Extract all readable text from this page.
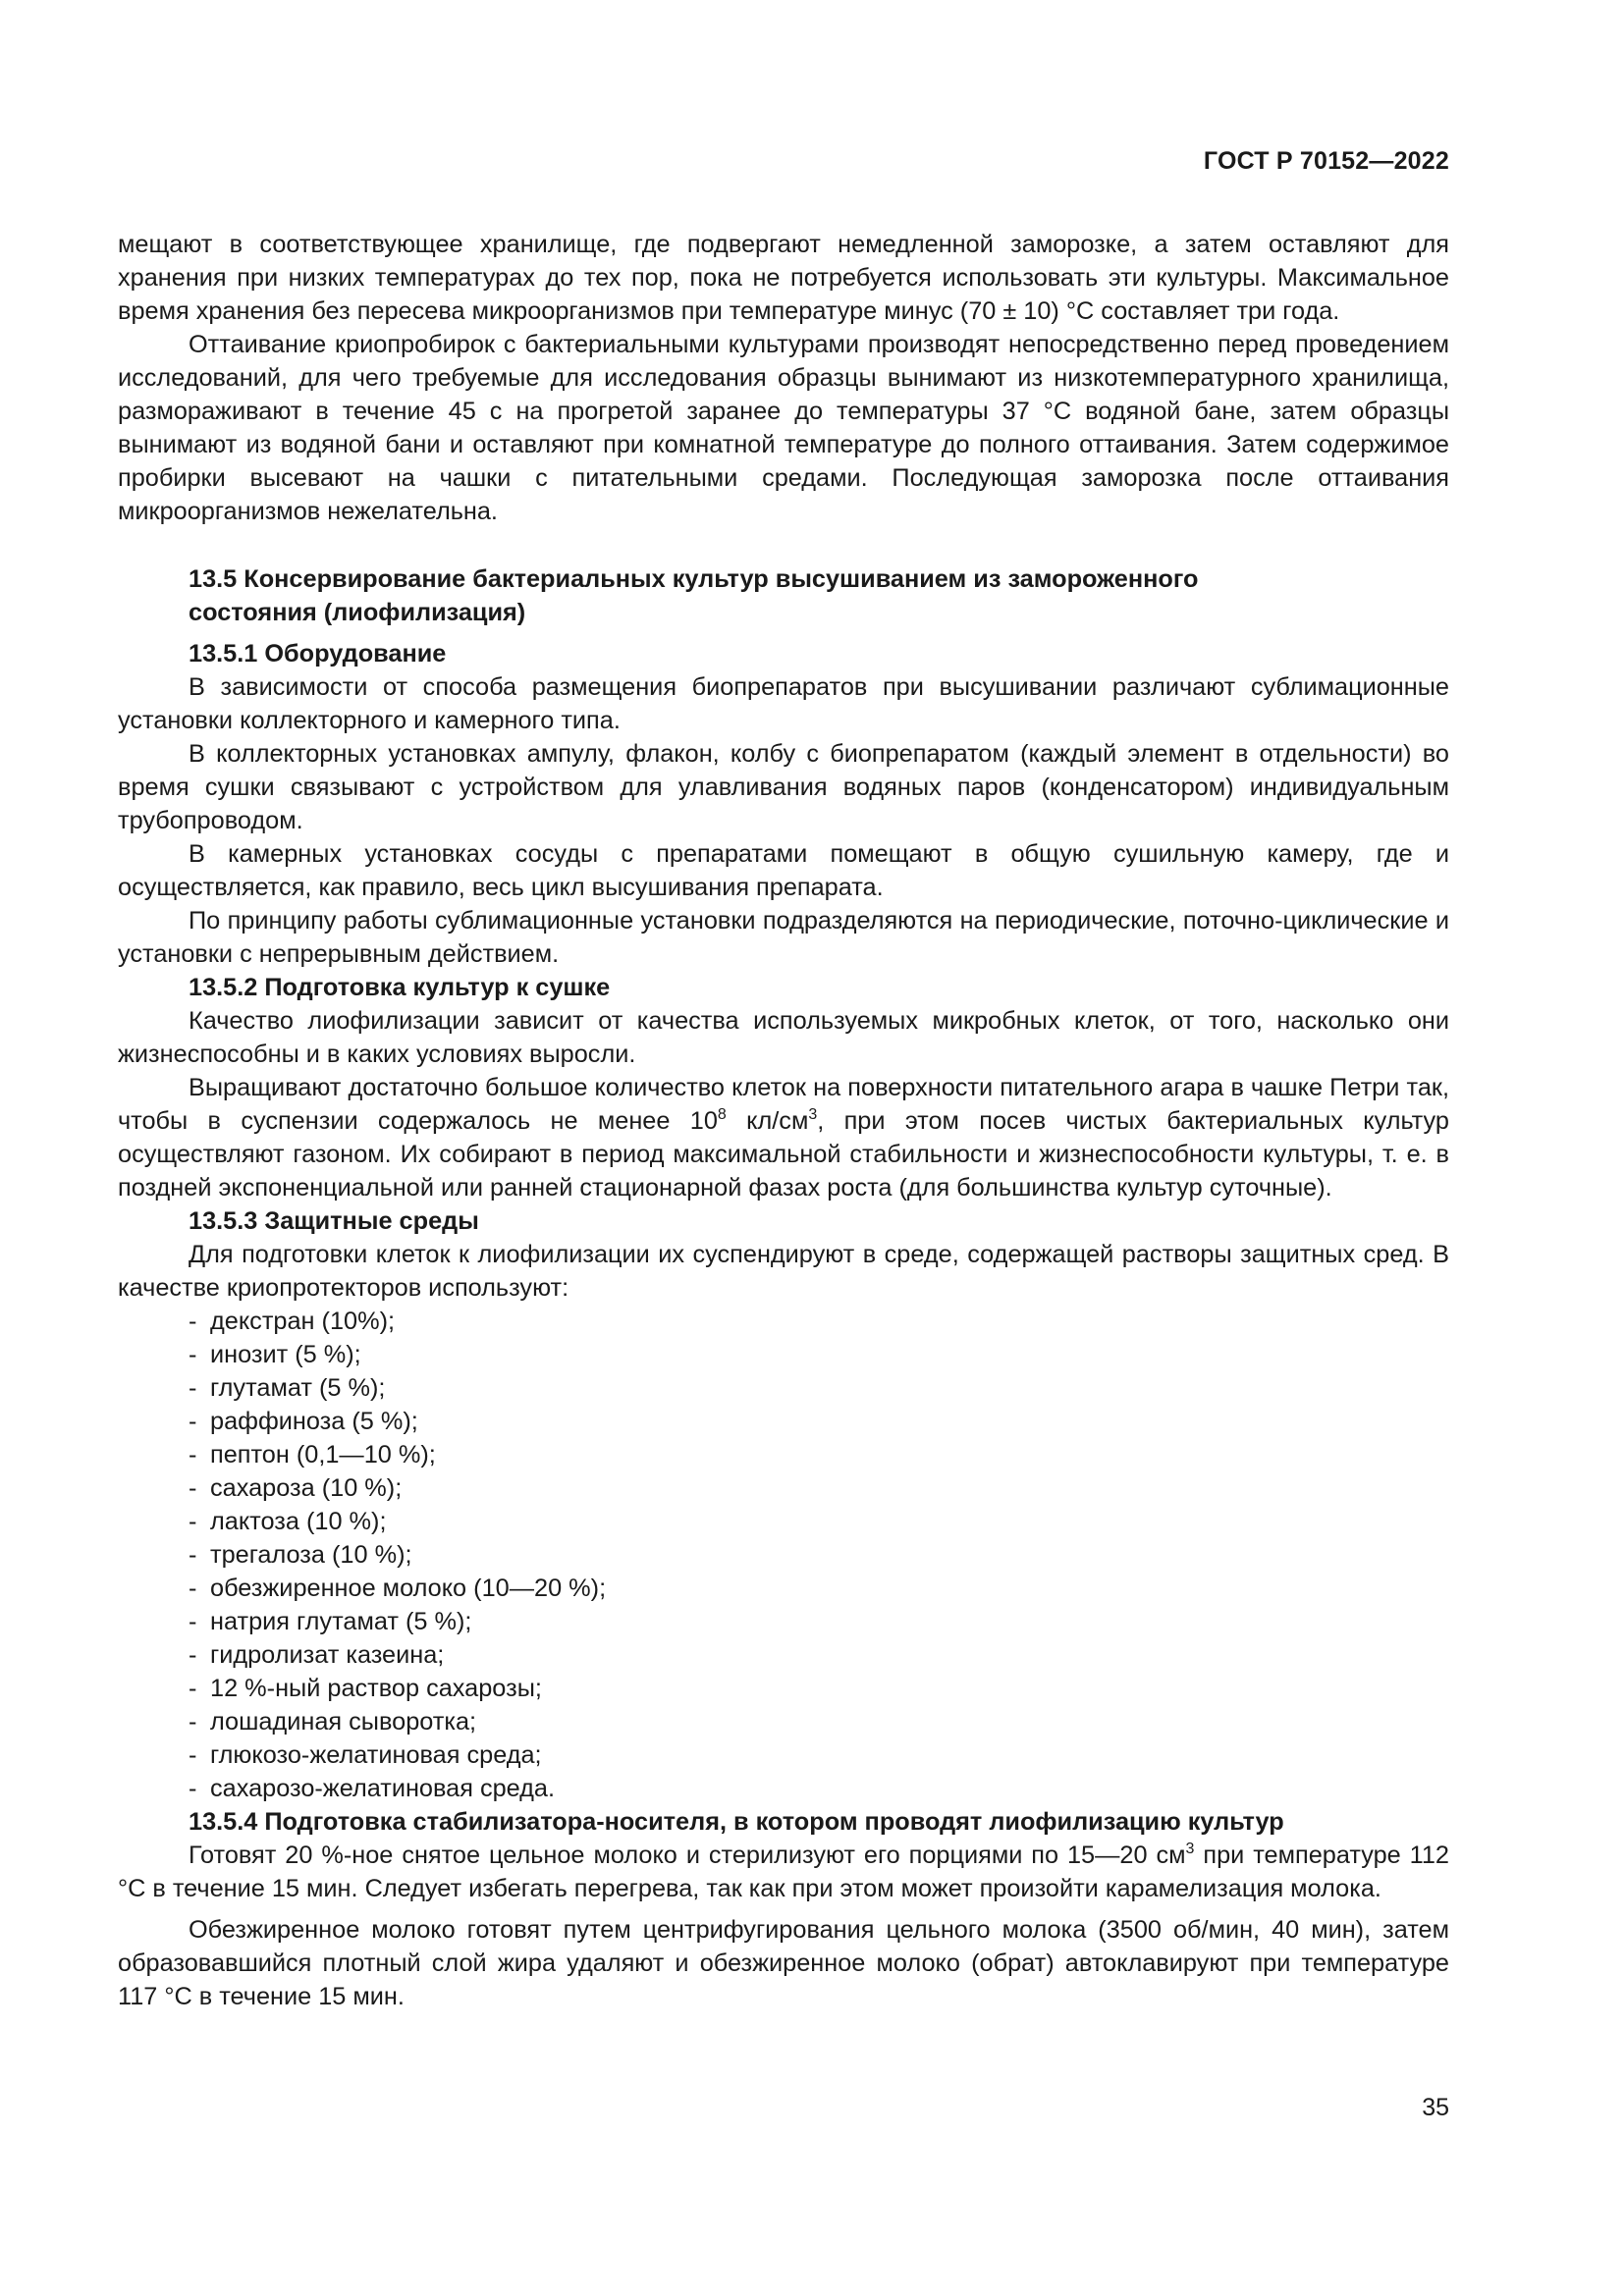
ГОСТ Р 70152—2022

мещают в соответствующее хранилище, где подвергают немедленной заморозке, а затем оставляют для хранения при низких температурах до тех пор, пока не потребуется использовать эти культуры. Максимальное время хранения без пересева микроорганизмов при температуре минус (70 ± 10) °С составляет три года.

Оттаивание криопробирок с бактериальными культурами производят непосредственно перед проведением исследований, для чего требуемые для исследования образцы вынимают из низкотемпературного хранилища, размораживают в течение 45 с на прогретой заранее до температуры 37 °С водяной бане, затем образцы вынимают из водяной бани и оставляют при комнатной температуре до полного оттаивания. Затем содержимое пробирки высевают на чашки с питательными средами. Последующая заморозка после оттаивания микроорганизмов нежелательна.

13.5 Консервирование бактериальных культур высушиванием из замороженного
состояния (лиофилизация)
13.5.1 Оборудование

В зависимости от способа размещения биопрепаратов при высушивании различают сублимационные установки коллекторного и камерного типа.

В коллекторных установках ампулу, флакон, колбу с биопрепаратом (каждый элемент в отдельности) во время сушки связывают с устройством для улавливания водяных паров (конденсатором) индивидуальным трубопроводом.

В камерных установках сосуды с препаратами помещают в общую сушильную камеру, где и осуществляется, как правило, весь цикл высушивания препарата.

По принципу работы сублимационные установки подразделяются на периодические, поточно-циклические и установки с непрерывным действием.

13.5.2 Подготовка культур к сушке

Качество лиофилизации зависит от качества используемых микробных клеток, от того, насколько они жизнеспособны и в каких условиях выросли.

Выращивают достаточно большое количество клеток на поверхности питательного агара в чашке Петри так, чтобы в суспензии содержалось не менее $10^8$ $кл/см^3$, при этом посев чистых бактериальных культур осуществляют газоном. Их собирают в период максимальной стабильности и жизнеспособности культуры, т. е. в поздней экспоненциальной или ранней стационарной фазах роста (для большинства культур суточные).

13.5.3 Защитные среды

Для подготовки клеток к лиофилизации их суспендируют в среде, содержащей растворы защитных сред. В качестве криопротекторов используют:

- декстран (10%);
- инозит (5 %);
- глутамат (5 %);
- раффиноза (5 %);
- пептон (0,1—10 %);
- сахароза (10 %);
- лактоза (10 %);
- трегалоза (10 %);
- обезжиренное молоко (10—20 %);
- натрия глутамат (5 %);
- гидролизат казеина;
- 12 %-ный раствор сахарозы;
- лошадиная сыворотка;
- глюкозо-желатиновая среда;
- сахарозо-желатиновая среда.
13.5.4 Подготовка стабилизатора-носителя, в котором проводят лиофилизацию культур

Готовят 20 %-ное снятое цельное молоко и стерилизуют его порциями по 15—20 $см^3$ при температуре 112 °С в течение 15 мин. Следует избегать перегрева, так как при этом может произойти карамелизация молока.

Обезжиренное молоко готовят путем центрифугирования цельного молока (3500 об/мин, 40 мин), затем образовавшийся плотный слой жира удаляют и обезжиренное молоко (обрат) автоклавируют при температуре 117 °С в течение 15 мин.

35
